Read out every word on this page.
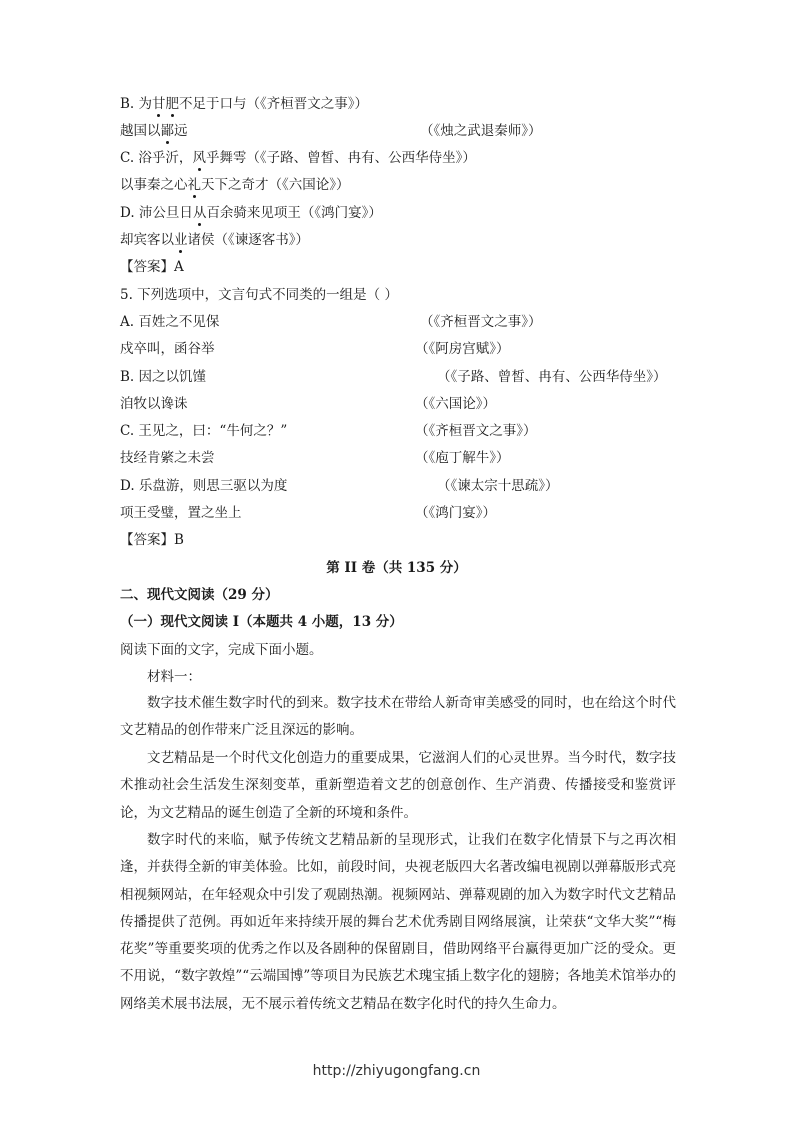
B. 为甘肥不足于口与（《齐桓晋文之事》）
越国以鄙远	（《烛之武退秦师》）
C. 浴乎沂，风乎舞雩（《子路、曾皙、冉有、公西华侍坐》）
以事秦之心礼天下之奇才（《六国论》）
D. 沛公旦日从百余骑来见项王（《鸿门宴》）
却宾客以业诸侯（《谏逐客书》）
【答案】A
5. 下列选项中，文言句式不同类的一组是（ ）
A. 百姓之不见保	（《齐桓晋文之事》）
戍卒叫，函谷举	（《阿房宫赋》）
B. 因之以饥馑	（《子路、曾皙、冉有、公西华侍坐》）
洎牧以谗诛	（《六国论》）
C. 王见之，曰：“牛何之？”	（《齐桓晋文之事》）
技经肯綮之未尝	（《庖丁解牛》）
D. 乐盘游，则思三驱以为度	（《谏太宗十思疏》）
项王受璧，置之坐上	（《鸿门宴》）
【答案】B
第 II 卷（共 135 分）
二、现代文阅读（29 分）
（一）现代文阅读 I（本题共 4 小题，13 分）
阅读下面的文字，完成下面小题。
材料一：
数字技术催生数字时代的到来。数字技术在带给人新奇审美感受的同时，也在给这个时代文艺精品的创作带来广泛且深远的影响。
文艺精品是一个时代文化创造力的重要成果，它滋润人们的心灵世界。当今时代，数字技术推动社会生活发生深刻变革，重新塑造着文艺的创意创作、生产消费、传播接受和鉴赏评论，为文艺精品的诞生创造了全新的环境和条件。
数字时代的来临，赋予传统文艺精品新的呈现形式，让我们在数字化情景下与之再次相逢，并获得全新的审美体验。比如，前段时间，央视老版四大名著改编电视剧以弹幕版形式亮相视频网站，在年轻观众中引发了观剧热潮。视频网站、弹幕观剧的加入为数字时代文艺精品传播提供了范例。再如近年来持续开展的舞台艺术优秀剧目网络展演，让荣获“文华大奖”“梅花奖”等重要奖项的优秀之作以及各剧种的保留剧目，借助网络平台赢得更加广泛的受众。更不用说，“数字敦煌”“云端国博”等项目为民族艺术瑰宝插上数字化的翅膀；各地美术馆举办的网络美术展书法展，无不展示着传统文艺精品在数字化时代的持久生命力。
http://zhiyugongfang.cn
